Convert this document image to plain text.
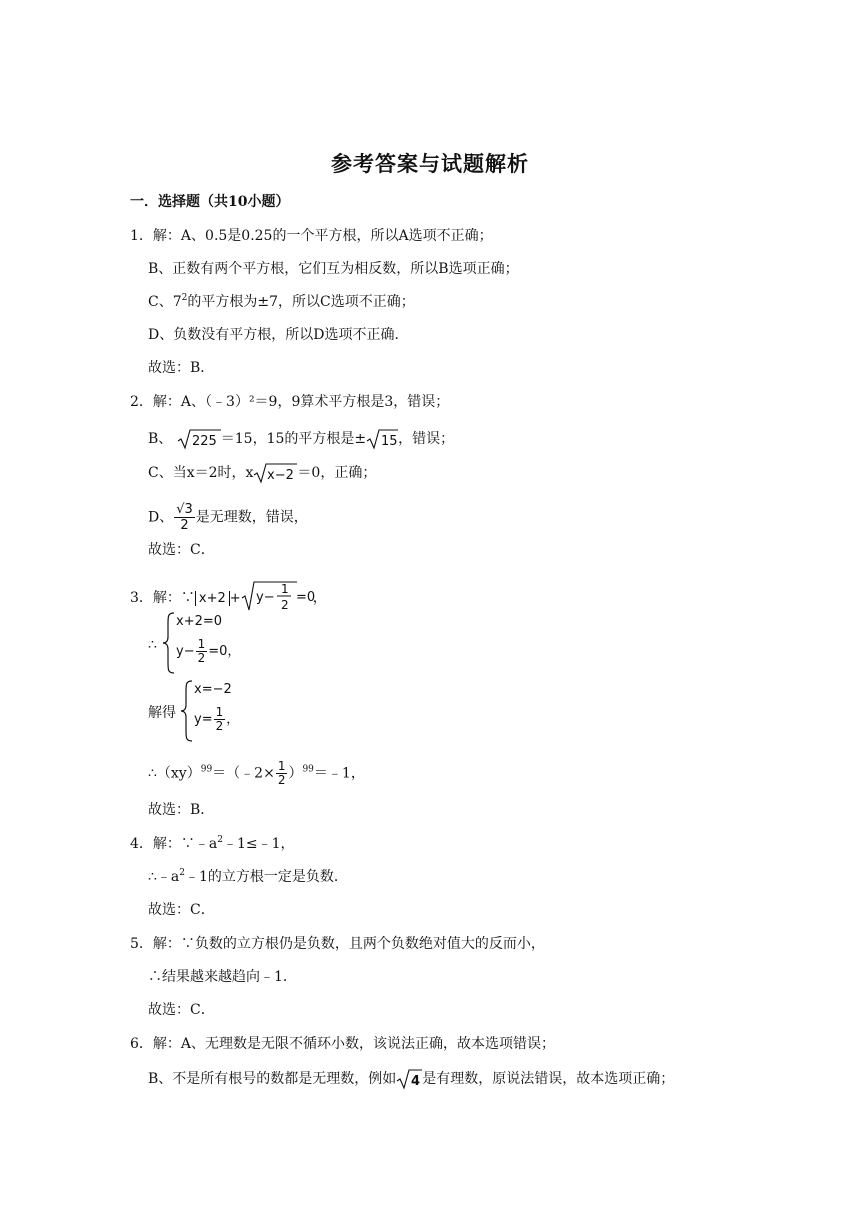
参考答案与试题解析
一．选择题（共10小题）
1．解：A、0.5是0.25的一个平方根，所以A选项不正确；
B、正数有两个平方根，它们互为相反数，所以B选项正确；
C、$7^2$的平方根为±7，所以C选项不正确；
D、负数没有平方根，所以D选项不正确．
故选：B．
2．解：A、（﹣3）²＝9，9算术平方根是3，错误；
B、 225 ＝15，15的平方根是± 15 ，错误；
C、当x＝2时，x x−2 ＝0，正确；
D、 $\frac{√3}{2}$ 是无理数，错误，
故选：C．
3．解：∵ x+2 + y−
1
2 =0
，
∴
x+2=0
$y- \frac{1}{2} =0$，
解得
x=−2
$y= \frac{1}{2}$ ，
∴（xy）$^{99}$＝（﹣2× $\frac{1}{2}$ ）$^{99}$＝﹣1，
故选：B．
4．解：$\because﹣a^2﹣1\le﹣1$，
$\therefore﹣a^2﹣1$的立方根一定是负数．
故选：C．
5．解：∵负数的立方根仍是负数，且两个负数绝对值大的反而小，
∴结果越来越趋向﹣1．
故选：C．
6．解：A、无理数是无限不循环小数，该说法正确，故本选项错误；
B、不是所有根号的数都是无理数，例如 4 是有理数，原说法错误，故本选项正确；
